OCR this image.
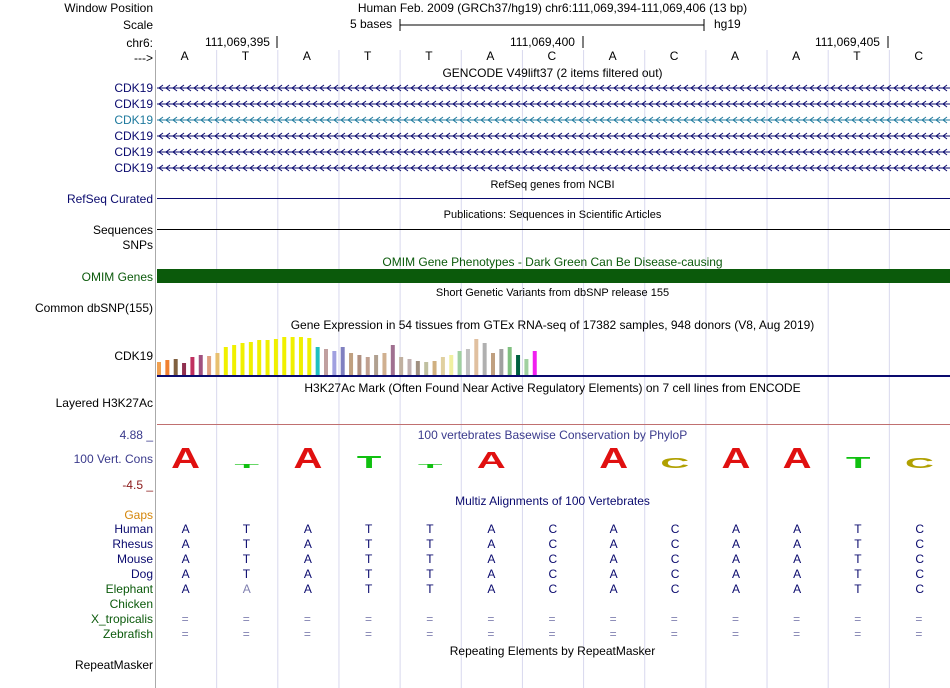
Window Position
Scale
chr6:
--->
Human Feb. 2009 (GRCh37/hg19) chr6:111,069,394-111,069,406 (13 bp)
5 bases	hg19
111,069,395	111,069,400	111,069,405
A	T	A	T	T	A	C	A	C	A	A	T	C
GENCODE V49lift37 (2 items filtered out)
CDK19
CDK19
CDK19
CDK19
CDK19
CDK19
RefSeq genes from NCBI
RefSeq Curated
Publications: Sequences in Scientific Articles
Sequences
SNPs
OMIM Gene Phenotypes - Dark Green Can Be Disease-causing
OMIM Genes
Short Genetic Variants from dbSNP release 155
Common dbSNP(155)
Gene Expression in 54 tissues from GTEx RNA-seq of 17382 samples, 948 donors (V8, Aug 2019)
CDK19
H3K27Ac Mark (Often Found Near Active Regulatory Elements) on 7 cell lines from ENCODE
Layered H3K27Ac
100 vertebrates Basewise Conservation by PhyloP
4.88 _
100 Vert. Cons
-4.5 _
A T A T T A A C A A T C
Multiz Alignments of 100 Vertebrates
Gaps
Human A	T	A	T	T	A	C	A	C	A	A	T	C
Rhesus A	T	A	T	T	A	C	A	C	A	A	T	C
Mouse A	T	A	T	T	A	C	A	C	A	A	T	C
Dog A	T	A	T	T	A	C	A	C	A	A	T	C
Elephant A	A	A	T	T	A	C	A	C	A	A	T	C
Chicken
X_tropicalis =	=	=	=	=	=	=	=	=	=	=	=	=
Zebrafish =	=	=	=	=	=	=	=	=	=	=	=	=
Repeating Elements by RepeatMasker
RepeatMasker
